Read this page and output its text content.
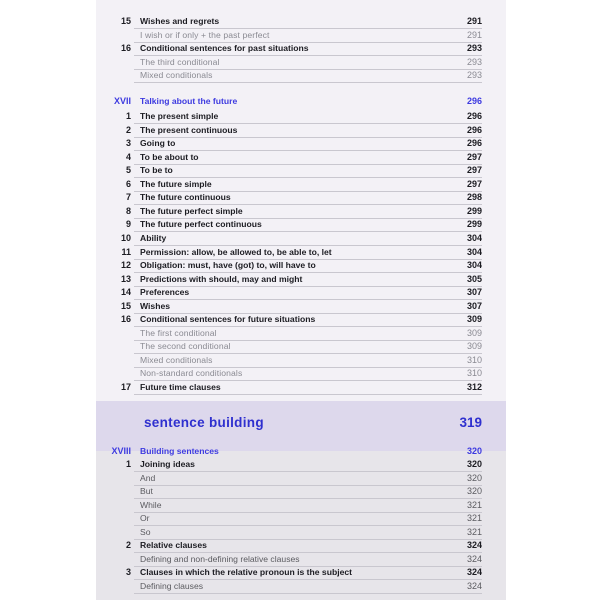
15 Wishes and regrets	291
I wish or if only + the past perfect	291
16 Conditional sentences for past situations	293
The third conditional	293
Mixed conditionals	293
XVII Talking about the future	296
1 The present simple	296
2 The present continuous	296
3 Going to	296
4 To be about to	297
5 To be to	297
6 The future simple	297
7 The future continuous	298
8 The future perfect simple	299
9 The future perfect continuous	299
10 Ability	304
11 Permission: allow, be allowed to, be able to, let	304
12 Obligation: must, have (got) to, will have to	304
13 Predictions with should, may and might	305
14 Preferences	307
15 Wishes	307
16 Conditional sentences for future situations	309
The first conditional	309
The second conditional	309
Mixed conditionals	310
Non-standard conditionals	310
17 Future time clauses	312
sentence building	319
XVIII Building sentences	320
1 Joining ideas	320
And	320
But	320
While	321
Or	321
So	321
2 Relative clauses	324
Defining and non-defining relative clauses	324
3 Clauses in which the relative pronoun is the subject	324
Defining clauses	324
